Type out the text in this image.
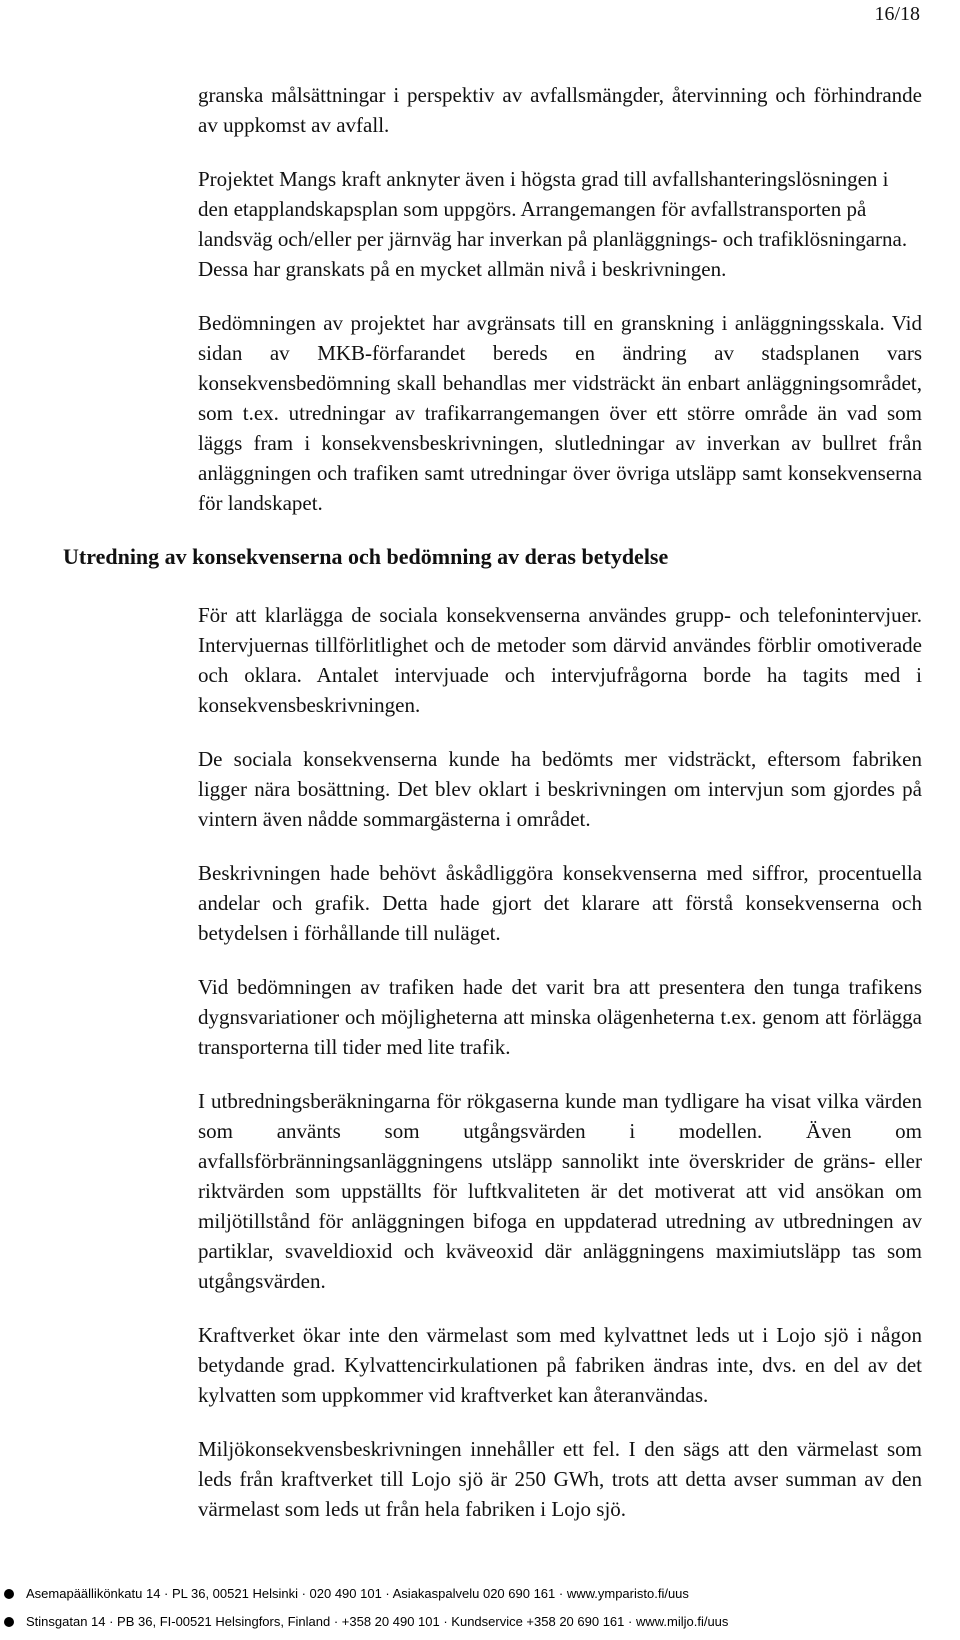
16/18

granska målsättningar i perspektiv av avfallsmängder, återvinning och förhindrande av uppkomst av avfall.

Projektet Mangs kraft anknyter även i högsta grad till avfallshanteringslösningen i den etapplandskapsplan som uppgörs. Arrangemangen för avfallstransporten på landsväg och/eller per järnväg har inverkan på planläggnings- och trafiklösningarna. Dessa har granskats på en mycket allmän nivå i beskrivningen.

Bedömningen av projektet har avgränsats till en granskning i anläggningsskala. Vid sidan av MKB-förfarandet bereds en ändring av stadsplanen vars konsekvensbedömning skall behandlas mer vidsträckt än enbart anläggningsområdet, som t.ex. utredningar av trafikarrangemangen över ett större område än vad som läggs fram i konsekvensbeskrivningen, slutledningar av inverkan av bullret från anläggningen och trafiken samt utredningar över övriga utsläpp samt konsekvenserna för landskapet.

Utredning av konsekvenserna och bedömning av deras betydelse

För att klarlägga de sociala konsekvenserna användes grupp- och telefonintervjuer. Intervjuernas tillförlitlighet och de metoder som därvid användes förblir omotiverade och oklara. Antalet intervjuade och intervjufrågorna borde ha tagits med i konsekvensbeskrivningen.

De sociala konsekvenserna kunde ha bedömts mer vidsträckt, eftersom fabriken ligger nära bosättning. Det blev oklart i beskrivningen om intervjun som gjordes på vintern även nådde sommargästerna i området.

Beskrivningen hade behövt åskådliggöra konsekvenserna med siffror, procentuella andelar och grafik. Detta hade gjort det klarare att förstå konsekvenserna och betydelsen i förhållande till nuläget.

Vid bedömningen av trafiken hade det varit bra att presentera den tunga trafikens dygnsvariationer och möjligheterna att minska olägenheterna t.ex. genom att förlägga transporterna till tider med lite trafik.

I utbredningsberäkningarna för rökgaserna kunde man tydligare ha visat vilka värden som använts som utgångsvärden i modellen. Även om avfallsförbränningsanläggningens utsläpp sannolikt inte överskrider de gräns- eller riktvärden som uppställts för luftkvaliteten är det motiverat att vid ansökan om miljötillstånd för anläggningen bifoga en uppdaterad utredning av utbredningen av partiklar, svaveldioxid och kväveoxid där anläggningens maximiutsläpp tas som utgångsvärden.

Kraftverket ökar inte den värmelast som med kylvattnet leds ut i Lojo sjö i någon betydande grad. Kylvattencirkulationen på fabriken ändras inte, dvs. en del av det kylvatten som uppkommer vid kraftverket kan återanvändas.

Miljökonsekvensbeskrivningen innehåller ett fel. I den sägs att den värmelast som leds från kraftverket till Lojo sjö är 250 GWh, trots att detta avser summan av den värmelast som leds ut från hela fabriken i Lojo sjö.

Asemapäällikönkatu 14 · PL 36, 00521 Helsinki · 020 490 101 · Asiakaspalvelu 020 690 161 · www.ymparisto.fi/uus
Stinsgatan 14 · PB 36, FI-00521 Helsingfors, Finland · +358 20 490 101 · Kundservice +358 20 690 161 · www.miljo.fi/uus
